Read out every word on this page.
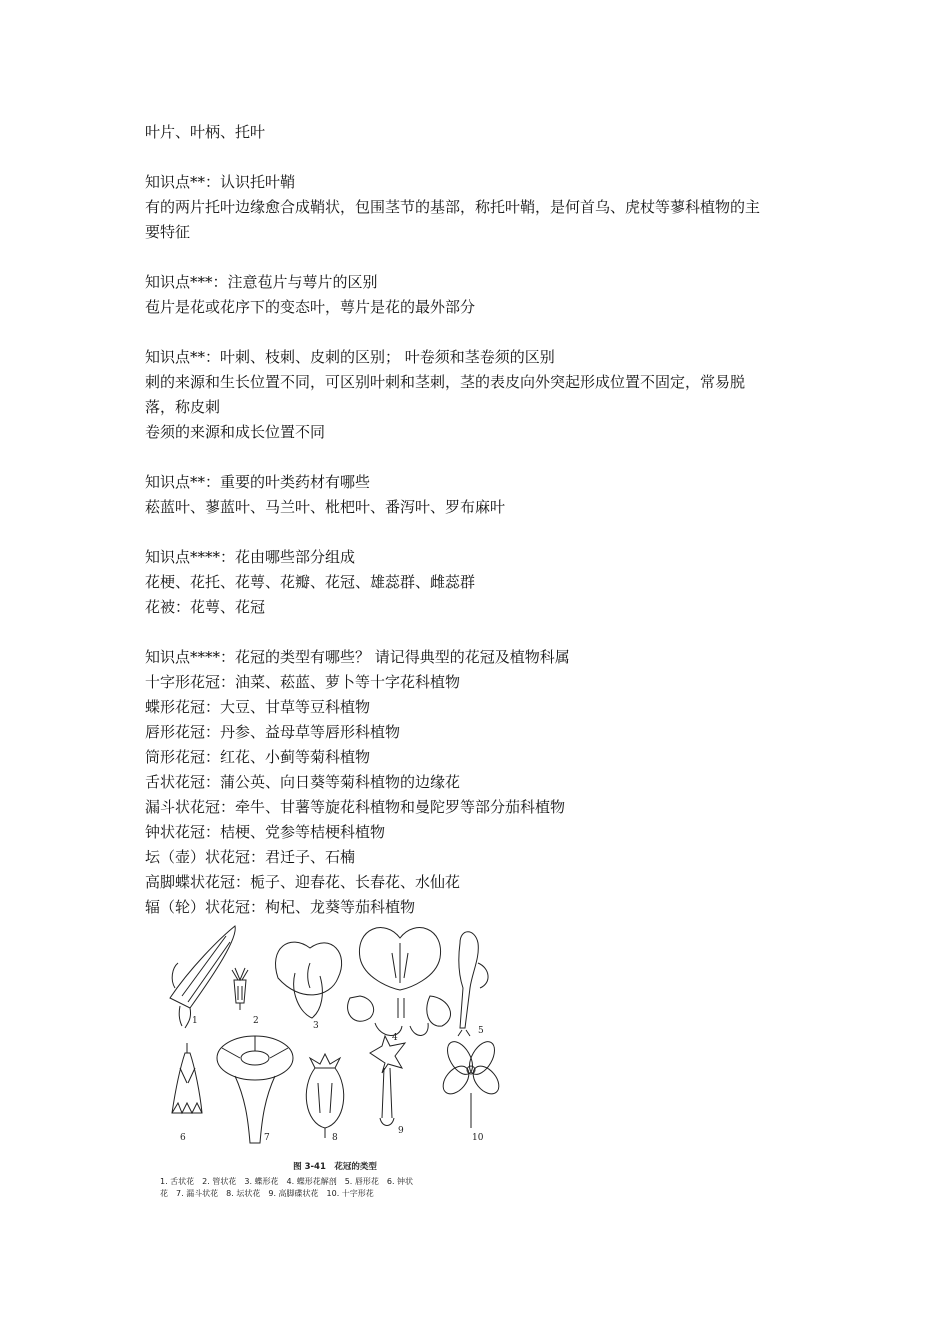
叶片、叶柄、托叶
知识点**：认识托叶鞘
有的两片托叶边缘愈合成鞘状，包围茎节的基部，称托叶鞘，是何首乌、虎杖等蓼科植物的主
要特征
知识点***：注意苞片与萼片的区别
苞片是花或花序下的变态叶，萼片是花的最外部分
知识点**：叶刺、枝刺、皮刺的区别； 叶卷须和茎卷须的区别
刺的来源和生长位置不同，可区别叶刺和茎刺，茎的表皮向外突起形成位置不固定，常易脱
落，称皮刺
卷须的来源和成长位置不同
知识点**：重要的叶类药材有哪些
菘蓝叶、蓼蓝叶、马兰叶、枇杷叶、番泻叶、罗布麻叶
知识点****：花由哪些部分组成
花梗、花托、花萼、花瓣、花冠、雄蕊群、雌蕊群
花被：花萼、花冠
知识点****：花冠的类型有哪些？ 请记得典型的花冠及植物科属
十字形花冠：油菜、菘蓝、萝卜等十字花科植物
蝶形花冠：大豆、甘草等豆科植物
唇形花冠：丹参、益母草等唇形科植物
筒形花冠：红花、小蓟等菊科植物
舌状花冠：蒲公英、向日葵等菊科植物的边缘花
漏斗状花冠：牵牛、甘薯等旋花科植物和曼陀罗等部分茄科植物
钟状花冠：桔梗、党参等桔梗科植物
坛（壶）状花冠：君迁子、石楠
高脚蝶状花冠：栀子、迎春花、长春花、水仙花
辐（轮）状花冠：枸杞、龙葵等茄科植物
1	2	3
4
5
6	7	8
9
10
图 3-41　花冠的类型
1. 舌状花　2. 管状花　3. 蝶形花　4. 蝶形花解剖　5. 唇形花　6. 钟状
花　7. 漏斗状花　8. 坛状花　9. 高脚碟状花　10. 十字形花
